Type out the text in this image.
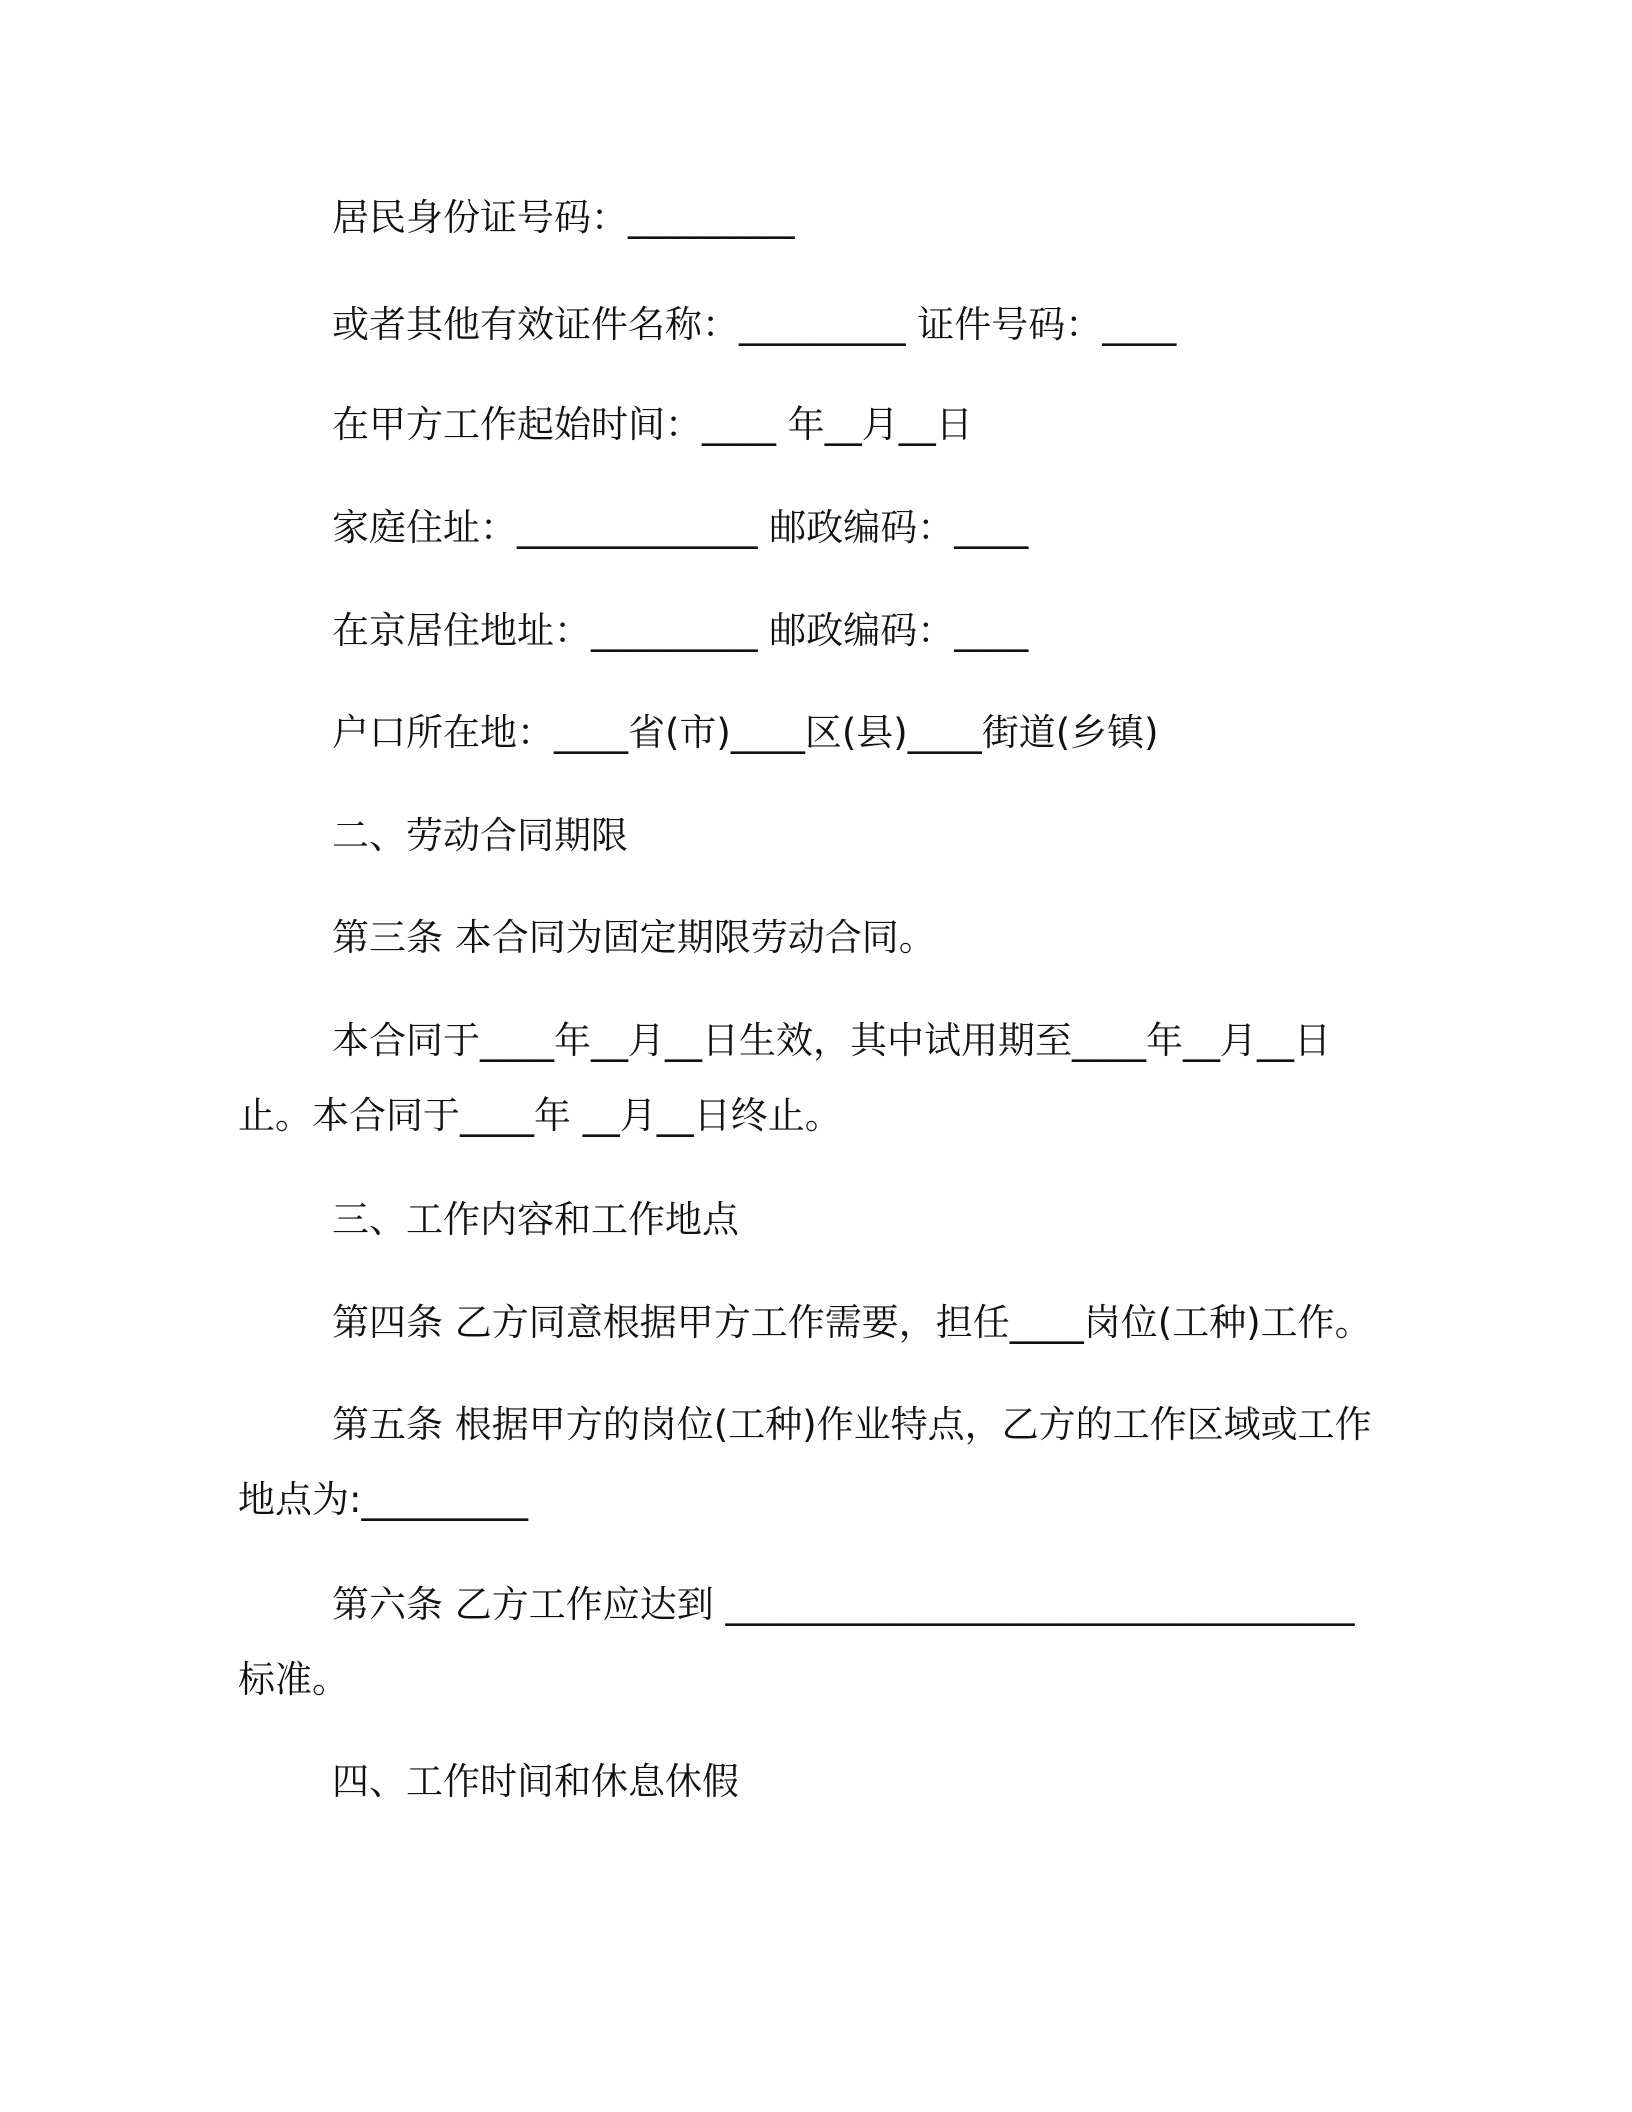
居民身份证号码：_________
或者其他有效证件名称：_________ 证件号码：____
在甲方工作起始时间：____ 年__月__日
家庭住址：_____________ 邮政编码：____
在京居住地址：_________ 邮政编码：____
户口所在地：____省(市)____区(县)____街道(乡镇)
二、劳动合同期限
第三条 本合同为固定期限劳动合同。
本合同于____年__月__日生效，其中试用期至____年__月__日
止。本合同于____年 __月__日终止。
三、工作内容和工作地点
第四条 乙方同意根据甲方工作需要，担任____岗位(工种)工作。
第五条 根据甲方的岗位(工种)作业特点，乙方的工作区域或工作
地点为:_________
第六条 乙方工作应达到 __________________________________
标准。
四、工作时间和休息休假
